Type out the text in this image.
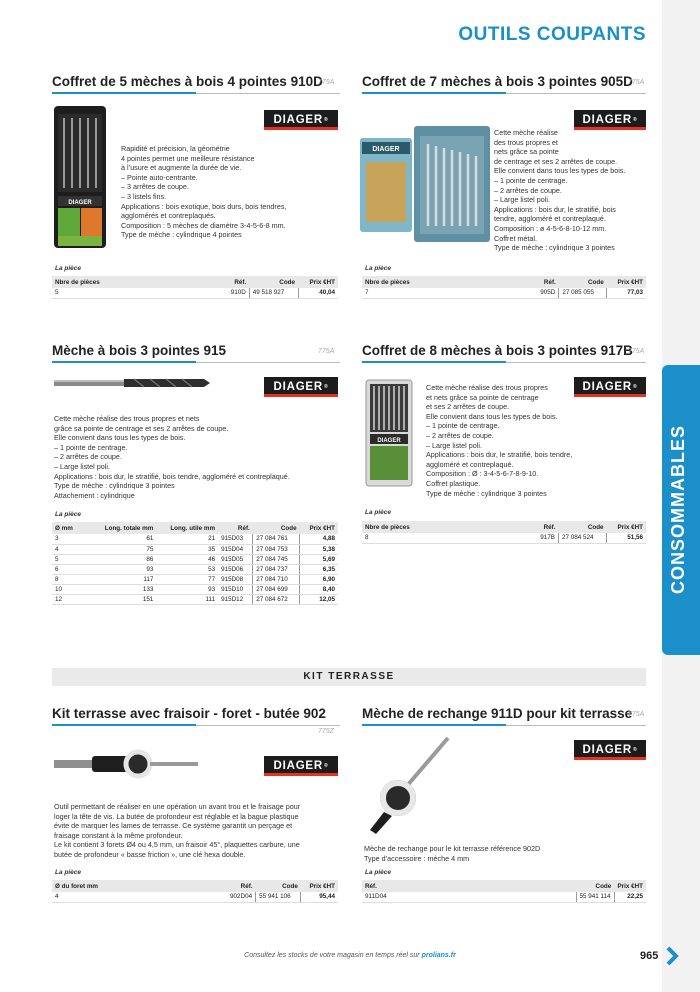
CONSOMMABLES
OUTILS COUPANTS
Coffret de 5 mèches à bois 4 pointes 910D
775A
DIAGER ®
DIAGER

Rapidité et précision, la géométrie

4 pointes permet une meilleure résistance

à l’usure et augmente la durée de vie.

– Pointe auto-centrante.

– 3 arrêtes de coupe.

– 3 listels fins.

Applications : bois exotique, bois durs, bois tendres,

agglomérés et contreplaqués.

Composition : 5 mèches de diamètre 3-4-5-6-8 mm.

Type de mèche : cylindrique 4 pointes

La pièce
Nbre de pièces	Réf.	Code	Prix €HT
5	910D	49 518 927	40,04
Coffret de 7 mèches à bois 3 pointes 905D
775A
DIAGER ®
DIAGER

Cette mèche réalise

des trous propres et

nets grâce sa pointe

de centrage et ses 2 arrêtes de coupe.

Elle convient dans tous les types de bois.

– 1 pointe de centrage.

– 2 arrêtes de coupe.

– Large listel poli.

Applications : bois dur, le stratifié, bois

tendre, aggloméré et contreplaqué.

Composition : ø 4-5-6-8-10-12 mm.

Coffret métal.

Type de mèche : cylindrique 3 pointes

La pièce
Nbre de pièces	Réf.	Code	Prix €HT
7	905D	27 085 055	77,03
Mèche à bois 3 pointes 915	775A
DIAGER ®

Cette mèche réalise des trous propres et nets

grâce sa pointe de centrage et ses 2 arrêtes de coupe.

Elle convient dans tous les types de bois.

– 1 pointe de centrage.

– 2 arrêtes de coupe.

– Large listel poli.

Applications : bois dur, le stratifié, bois tendre, aggloméré et contreplaqué.

Type de mèche : cylindrique 3 pointes

Attachement : cylindrique

La pièce
Ø mm	Long. totale mm	Long. utile mm	Réf.	Code	Prix €HT
3	61	21	915D03	27 084 761	4,88
4	75	35	915D04	27 084 753	5,38
5	86	46	915D05	27 084 745	5,69
6	93	53	915D06	27 084 737	6,35
8	117	77	915D08	27 084 710	6,90
10	133	93	915D10	27 084 699	8,40
12	151	111	915D12	27 084 672	12,05
Coffret de 8 mèches à bois 3 pointes 917B
775A
DIAGER
DIAGER ®

Cette mèche réalise des trous propres

et nets grâce sa pointe de centrage

et ses 2 arrêtes de coupe.

Elle convient dans tous les types de bois.

– 1 pointe de centrage.

– 2 arrêtes de coupe.

– Large listel poli.

Applications : bois dur, le stratifié, bois tendre,

aggloméré et contreplaqué.

Composition : Ø : 3-4-5-6-7-8-9-10.

Coffret plastique.

Type de mèche : cylindrique 3 pointes

La pièce
Nbre de pièces	Réf.	Code	Prix €HT
8	917B	27 084 524	51,56
KIT TERRASSE
Kit terrasse avec fraisoir - foret - butée 902
775Z
DIAGER ®

Outil permettant de réaliser en une opération un avant trou et le fraisage pour

loger la tête de vis. La butée de profondeur est réglable et la bague plastique

évite de marquer les lames de terrasse. Ce système garantit un perçage et

fraisage constant à la même profondeur.

Le kit contient 3 forets Ø4 ou 4,5 mm, un fraisoir 45°, plaquettes carbure, une

butée de profondeur « basse friction », une clé hexa double.

La pièce
Ø du foret mm	Réf.	Code	Prix €HT
4	902D04	55 941 106	95,44
Mèche de rechange 911D pour kit terrasse
775A
DIAGER ®

Mèche de rechange pour le kit terrasse référence 902D

Type d’accessoire : mèche 4 mm

La pièce
Réf.	Code	Prix €HT
911D04	55 941 114	22,25
Consultez les stocks de votre magasin en temps réel sur prolians.fr	965
